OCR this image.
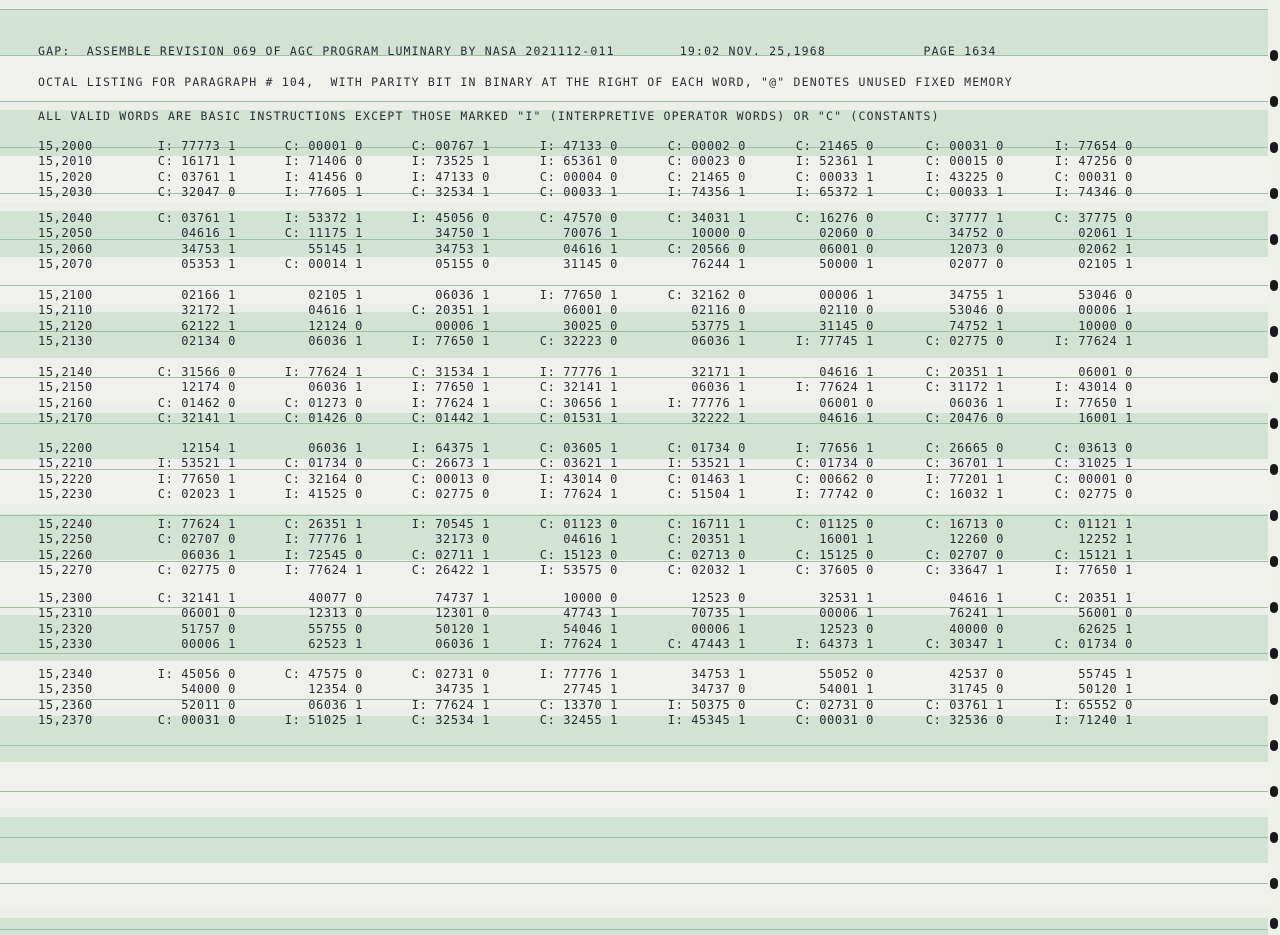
GAP:  ASSEMBLE REVISION 069 OF AGC PROGRAM LUMINARY BY NASA 2021112-011        19:02 NOV. 25,1968            PAGE 1634
OCTAL LISTING FOR PARAGRAPH # 104,  WITH PARITY BIT IN BINARY AT THE RIGHT OF EACH WORD, "@" DENOTES UNUSED FIXED MEMORY
ALL VALID WORDS ARE BASIC INSTRUCTIONS EXCEPT THOSE MARKED "I" (INTERPRETIVE OPERATOR WORDS) OR "C" (CONSTANTS)
15,2000	I: 77773 1	C: 00001 0	C: 00767 1	I: 47133 0	C: 00002 0	C: 21465 0	C: 00031 0	I: 77654 0
15,2010	C: 16171 1	I: 71406 0	I: 73525 1	I: 65361 0	C: 00023 0	I: 52361 1	C: 00015 0	I: 47256 0
15,2020	C: 03761 1	I: 41456 0	I: 47133 0	C: 00004 0	C: 21465 0	C: 00033 1	I: 43225 0	C: 00031 0
15,2030	C: 32047 0	I: 77605 1	C: 32534 1	C: 00033 1	I: 74356 1	I: 65372 1	C: 00033 1	I: 74346 0
15,2040	C: 03761 1	I: 53372 1	I: 45056 0	C: 47570 0	C: 34031 1	C: 16276 0	C: 37777 1	C: 37775 0
15,2050	04616 1	C: 11175 1	34750 1	70076 1	10000 0	02060 0	34752 0	02061 1
15,2060	34753 1	55145 1	34753 1	04616 1	C: 20566 0	06001 0	12073 0	02062 1
15,2070	05353 1	C: 00014 1	05155 0	31145 0	76244 1	50000 1	02077 0	02105 1
15,2100	02166 1	02105 1	06036 1	I: 77650 1	C: 32162 0	00006 1	34755 1	53046 0
15,2110	32172 1	04616 1	C: 20351 1	06001 0	02116 0	02110 0	53046 0	00006 1
15,2120	62122 1	12124 0	00006 1	30025 0	53775 1	31145 0	74752 1	10000 0
15,2130	02134 0	06036 1	I: 77650 1	C: 32223 0	06036 1	I: 77745 1	C: 02775 0	I: 77624 1
15,2140	C: 31566 0	I: 77624 1	C: 31534 1	I: 77776 1	32171 1	04616 1	C: 20351 1	06001 0
15,2150	12174 0	06036 1	I: 77650 1	C: 32141 1	06036 1	I: 77624 1	C: 31172 1	I: 43014 0
15,2160	C: 01462 0	C: 01273 0	I: 77624 1	C: 30656 1	I: 77776 1	06001 0	06036 1	I: 77650 1
15,2170	C: 32141 1	C: 01426 0	C: 01442 1	C: 01531 1	32222 1	04616 1	C: 20476 0	16001 1
15,2200	12154 1	06036 1	I: 64375 1	C: 03605 1	C: 01734 0	I: 77656 1	C: 26665 0	C: 03613 0
15,2210	I: 53521 1	C: 01734 0	C: 26673 1	C: 03621 1	I: 53521 1	C: 01734 0	C: 36701 1	C: 31025 1
15,2220	I: 77650 1	C: 32164 0	C: 00013 0	I: 43014 0	C: 01463 1	C: 00662 0	I: 77201 1	C: 00001 0
15,2230	C: 02023 1	I: 41525 0	C: 02775 0	I: 77624 1	C: 51504 1	I: 77742 0	C: 16032 1	C: 02775 0
15,2240	I: 77624 1	C: 26351 1	I: 70545 1	C: 01123 0	C: 16711 1	C: 01125 0	C: 16713 0	C: 01121 1
15,2250	C: 02707 0	I: 77776 1	32173 0	04616 1	C: 20351 1	16001 1	12260 0	12252 1
15,2260	06036 1	I: 72545 0	C: 02711 1	C: 15123 0	C: 02713 0	C: 15125 0	C: 02707 0	C: 15121 1
15,2270	C: 02775 0	I: 77624 1	C: 26422 1	I: 53575 0	C: 02032 1	C: 37605 0	C: 33647 1	I: 77650 1
15,2300	C: 32141 1	40077 0	74737 1	10000 0	12523 0	32531 1	04616 1	C: 20351 1
15,2310	06001 0	12313 0	12301 0	47743 1	70735 1	00006 1	76241 1	56001 0
15,2320	51757 0	55755 0	50120 1	54046 1	00006 1	12523 0	40000 0	62625 1
15,2330	00006 1	62523 1	06036 1	I: 77624 1	C: 47443 1	I: 64373 1	C: 30347 1	C: 01734 0
15,2340	I: 45056 0	C: 47575 0	C: 02731 0	I: 77776 1	34753 1	55052 0	42537 0	55745 1
15,2350	54000 0	12354 0	34735 1	27745 1	34737 0	54001 1	31745 0	50120 1
15,2360	52011 0	06036 1	I: 77624 1	C: 13370 1	I: 50375 0	C: 02731 0	C: 03761 1	I: 65552 0
15,2370	C: 00031 0	I: 51025 1	C: 32534 1	C: 32455 1	I: 45345 1	C: 00031 0	C: 32536 0	I: 71240 1
